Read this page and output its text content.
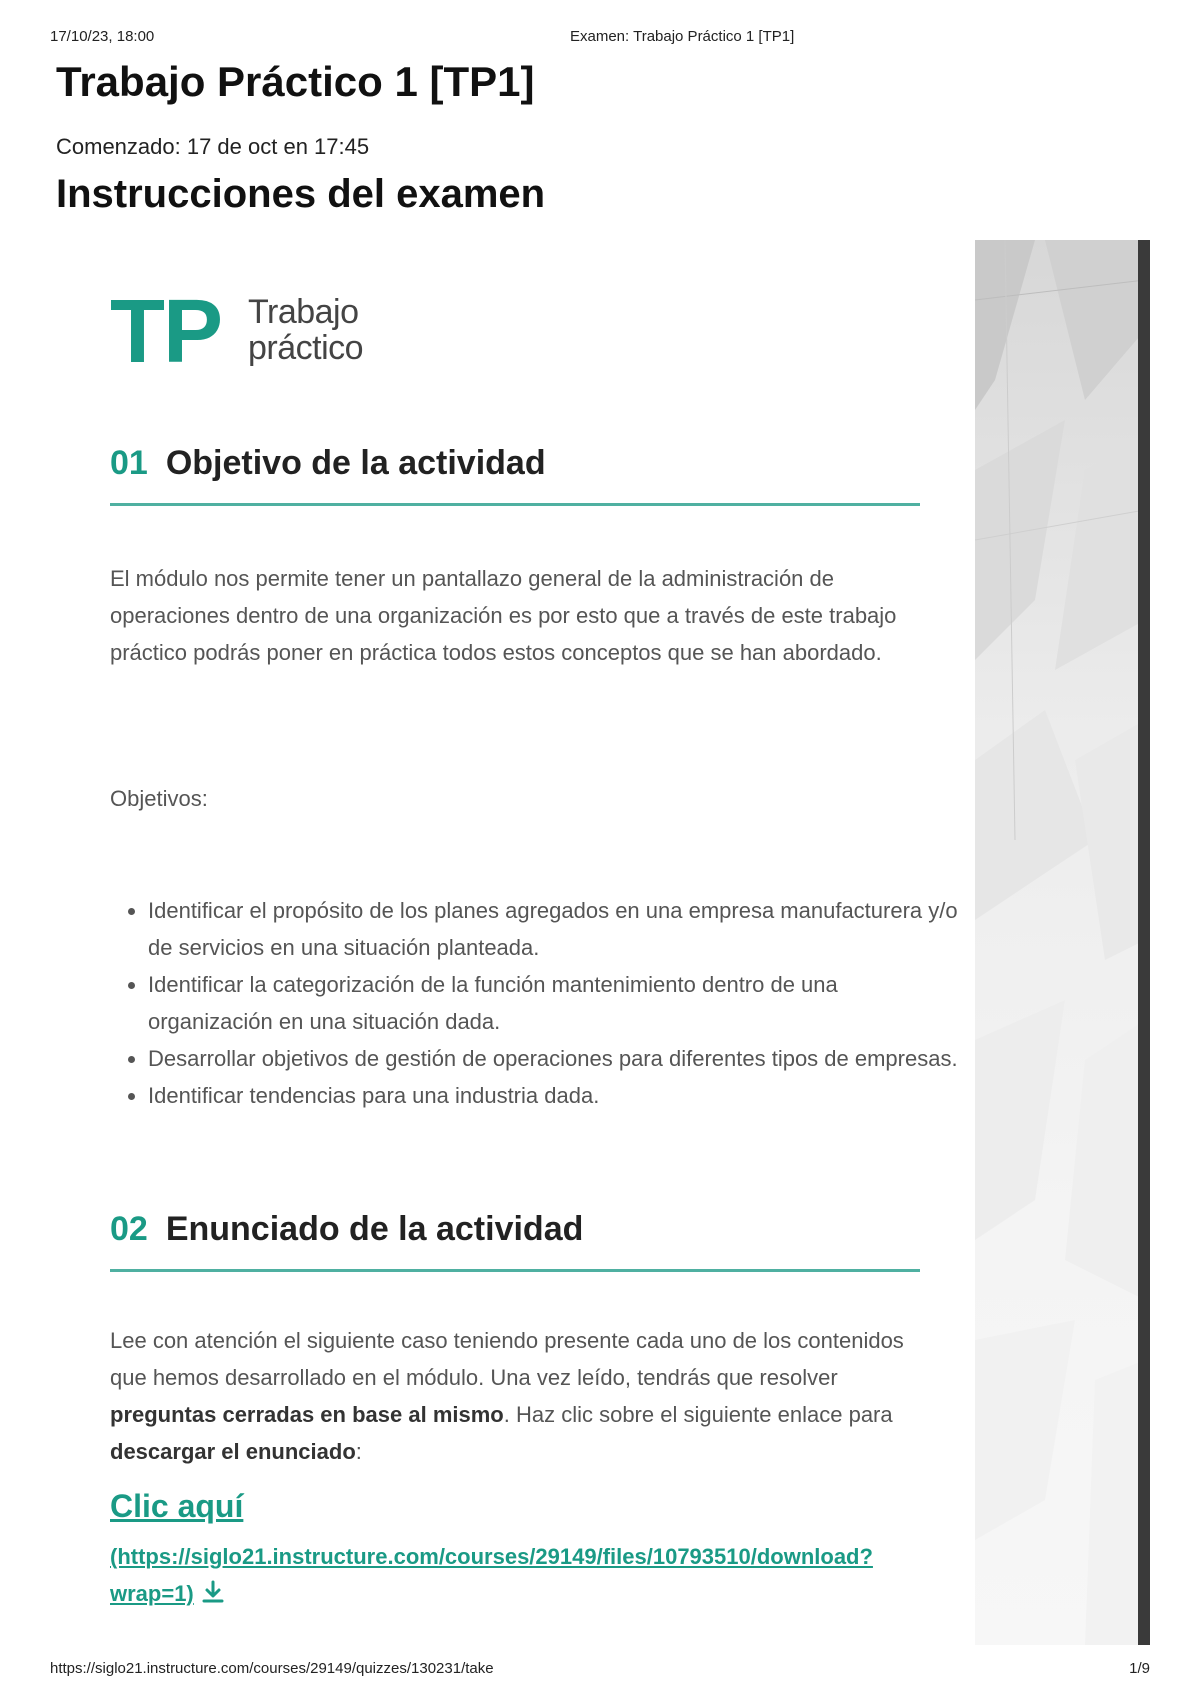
17/10/23, 18:00	Examen: Trabajo Práctico 1 [TP1]
Trabajo Práctico 1 [TP1]
Comenzado: 17 de oct en 17:45
Instrucciones del examen
TP Trabajo
práctico
01 Objetivo de la actividad
El módulo nos permite tener un pantallazo general de la administración de operaciones dentro de una organización es por esto que a través de este trabajo práctico podrás poner en práctica todos estos conceptos que se han abordado.
Objetivos:
• Identificar el propósito de los planes agregados en una empresa manufacturera y/o de servicios en una situación planteada.
• Identificar la categorización de la función mantenimiento dentro de una organización en una situación dada.
• Desarrollar objetivos de gestión de operaciones para diferentes tipos de empresas.
• Identificar tendencias para una industria dada.
02 Enunciado de la actividad
Lee con atención el siguiente caso teniendo presente cada uno de los contenidos que hemos desarrollado en el módulo. Una vez leído, tendrás que resolver preguntas cerradas en base al mismo. Haz clic sobre el siguiente enlace para descargar el enunciado:
Clic aquí
(https://siglo21.instructure.com/courses/29149/files/10793510/download?wrap=1)
https://siglo21.instructure.com/courses/29149/quizzes/130231/take	1/9
